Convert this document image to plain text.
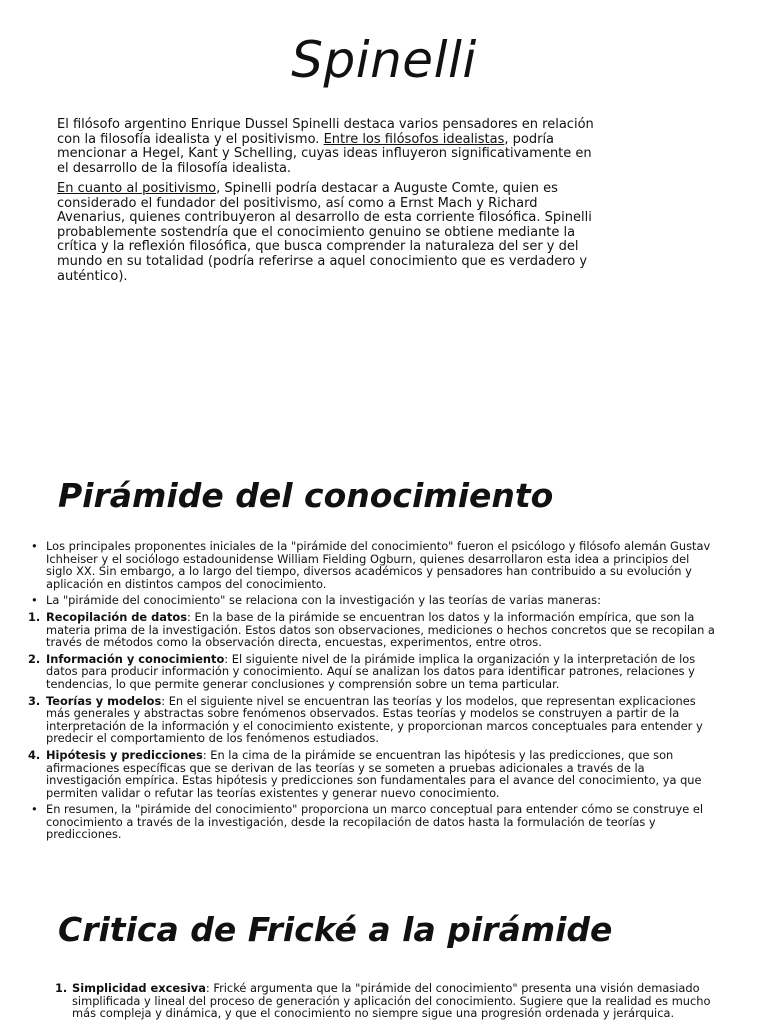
Spinelli

El filósofo argentino Enrique Dussel Spinelli destaca varios pensadores en relación con la filosofía idealista y el positivismo. Entre los filósofos idealistas, podría mencionar a Hegel, Kant y Schelling, cuyas ideas influyeron significativamente en el desarrollo de la filosofía idealista.

En cuanto al positivismo, Spinelli podría destacar a Auguste Comte, quien es considerado el fundador del positivismo, así como a Ernst Mach y Richard Avenarius, quienes contribuyeron al desarrollo de esta corriente filosófica. Spinelli probablemente sostendría que el conocimiento genuino se obtiene mediante la crítica y la reflexión filosófica, que busca comprender la naturaleza del ser y del mundo en su totalidad (podría referirse a aquel conocimiento que es verdadero y auténtico).

Pirámide del conocimiento
• Los principales proponentes iniciales de la "pirámide del conocimiento" fueron el psicólogo y filósofo alemán Gustav Ichheiser y el sociólogo estadounidense William Fielding Ogburn, quienes desarrollaron esta idea a principios del siglo XX. Sin embargo, a lo largo del tiempo, diversos académicos y pensadores han contribuido a su evolución y aplicación en distintos campos del conocimiento.
• La "pirámide del conocimiento" se relaciona con la investigación y las teorías de varias maneras:
1. Recopilación de datos: En la base de la pirámide se encuentran los datos y la información empírica, que son la materia prima de la investigación. Estos datos son observaciones, mediciones o hechos concretos que se recopilan a través de métodos como la observación directa, encuestas, experimentos, entre otros.
2. Información y conocimiento: El siguiente nivel de la pirámide implica la organización y la interpretación de los datos para producir información y conocimiento. Aquí se analizan los datos para identificar patrones, relaciones y tendencias, lo que permite generar conclusiones y comprensión sobre un tema particular.
3. Teorías y modelos: En el siguiente nivel se encuentran las teorías y los modelos, que representan explicaciones más generales y abstractas sobre fenómenos observados. Estas teorías y modelos se construyen a partir de la interpretación de la información y el conocimiento existente, y proporcionan marcos conceptuales para entender y predecir el comportamiento de los fenómenos estudiados.
4. Hipótesis y predicciones: En la cima de la pirámide se encuentran las hipótesis y las predicciones, que son afirmaciones específicas que se derivan de las teorías y se someten a pruebas adicionales a través de la investigación empírica. Estas hipótesis y predicciones son fundamentales para el avance del conocimiento, ya que permiten validar o refutar las teorías existentes y generar nuevo conocimiento.
• En resumen, la "pirámide del conocimiento" proporciona un marco conceptual para entender cómo se construye el conocimiento a través de la investigación, desde la recopilación de datos hasta la formulación de teorías y predicciones.
Critica de Frické a la pirámide
1. Simplicidad excesiva: Frické argumenta que la "pirámide del conocimiento" presenta una visión demasiado simplificada y lineal del proceso de generación y aplicación del conocimiento. Sugiere que la realidad es mucho más compleja y dinámica, y que el conocimiento no siempre sigue una progresión ordenada y jerárquica.
